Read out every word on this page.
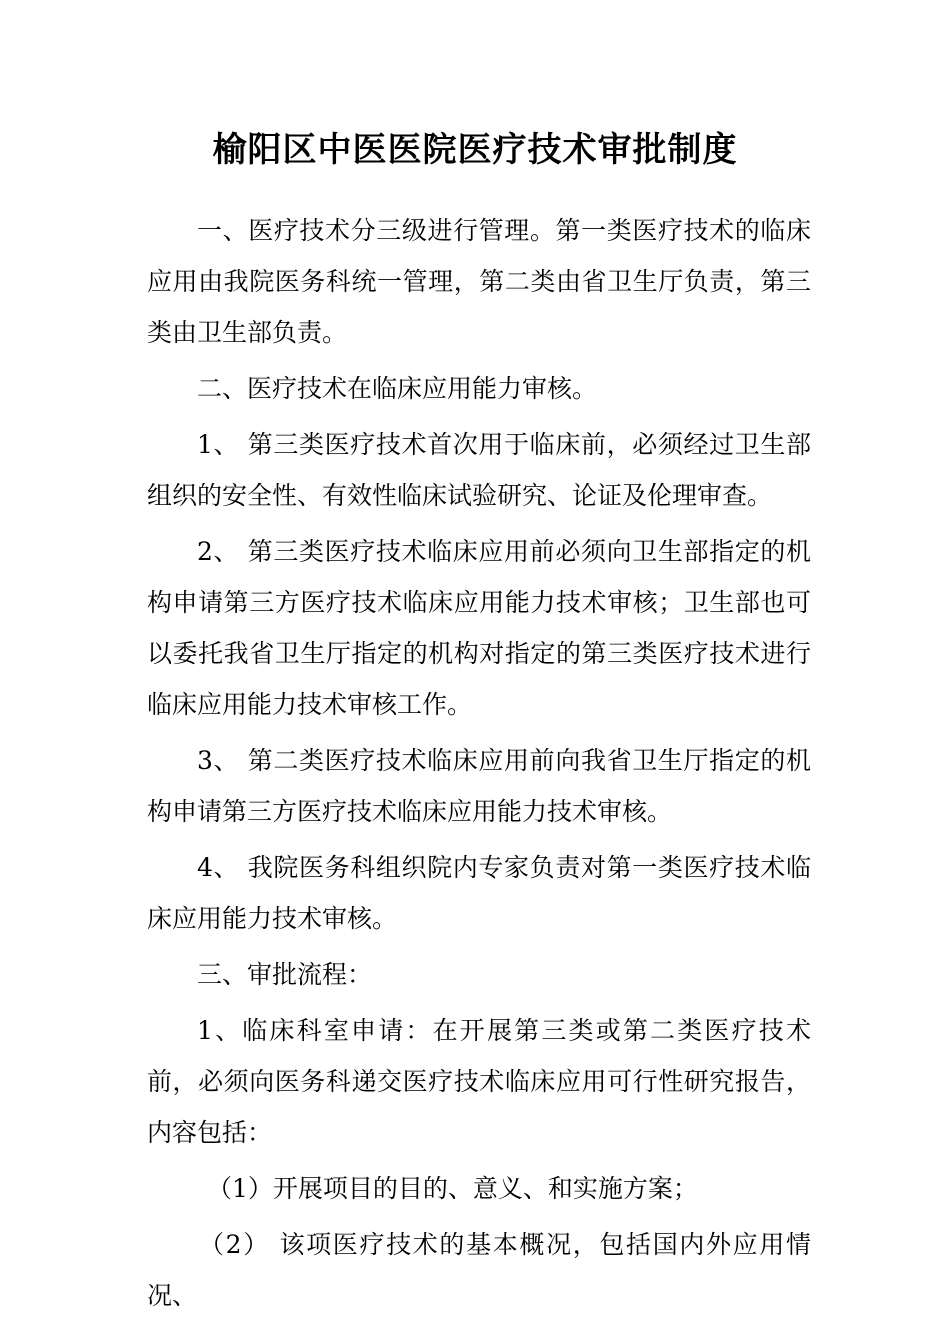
榆阳区中医医院医疗技术审批制度

一、医疗技术分三级进行管理。第一类医疗技术的临床应用由我院医务科统一管理，第二类由省卫生厅负责，第三类由卫生部负责。

二、医疗技术在临床应用能力审核。

1、 第三类医疗技术首次用于临床前，必须经过卫生部组织的安全性、有效性临床试验研究、论证及伦理审查。

2、 第三类医疗技术临床应用前必须向卫生部指定的机构申请第三方医疗技术临床应用能力技术审核；卫生部也可以委托我省卫生厅指定的机构对指定的第三类医疗技术进行临床应用能力技术审核工作。

3、 第二类医疗技术临床应用前向我省卫生厅指定的机构申请第三方医疗技术临床应用能力技术审核。

4、 我院医务科组织院内专家负责对第一类医疗技术临床应用能力技术审核。

三、审批流程：

1、临床科室申请：在开展第三类或第二类医疗技术前，必须向医务科递交医疗技术临床应用可行性研究报告，内容包括：

（1）开展项目的目的、意义、和实施方案；

（2） 该项医疗技术的基本概况，包括国内外应用情况、
